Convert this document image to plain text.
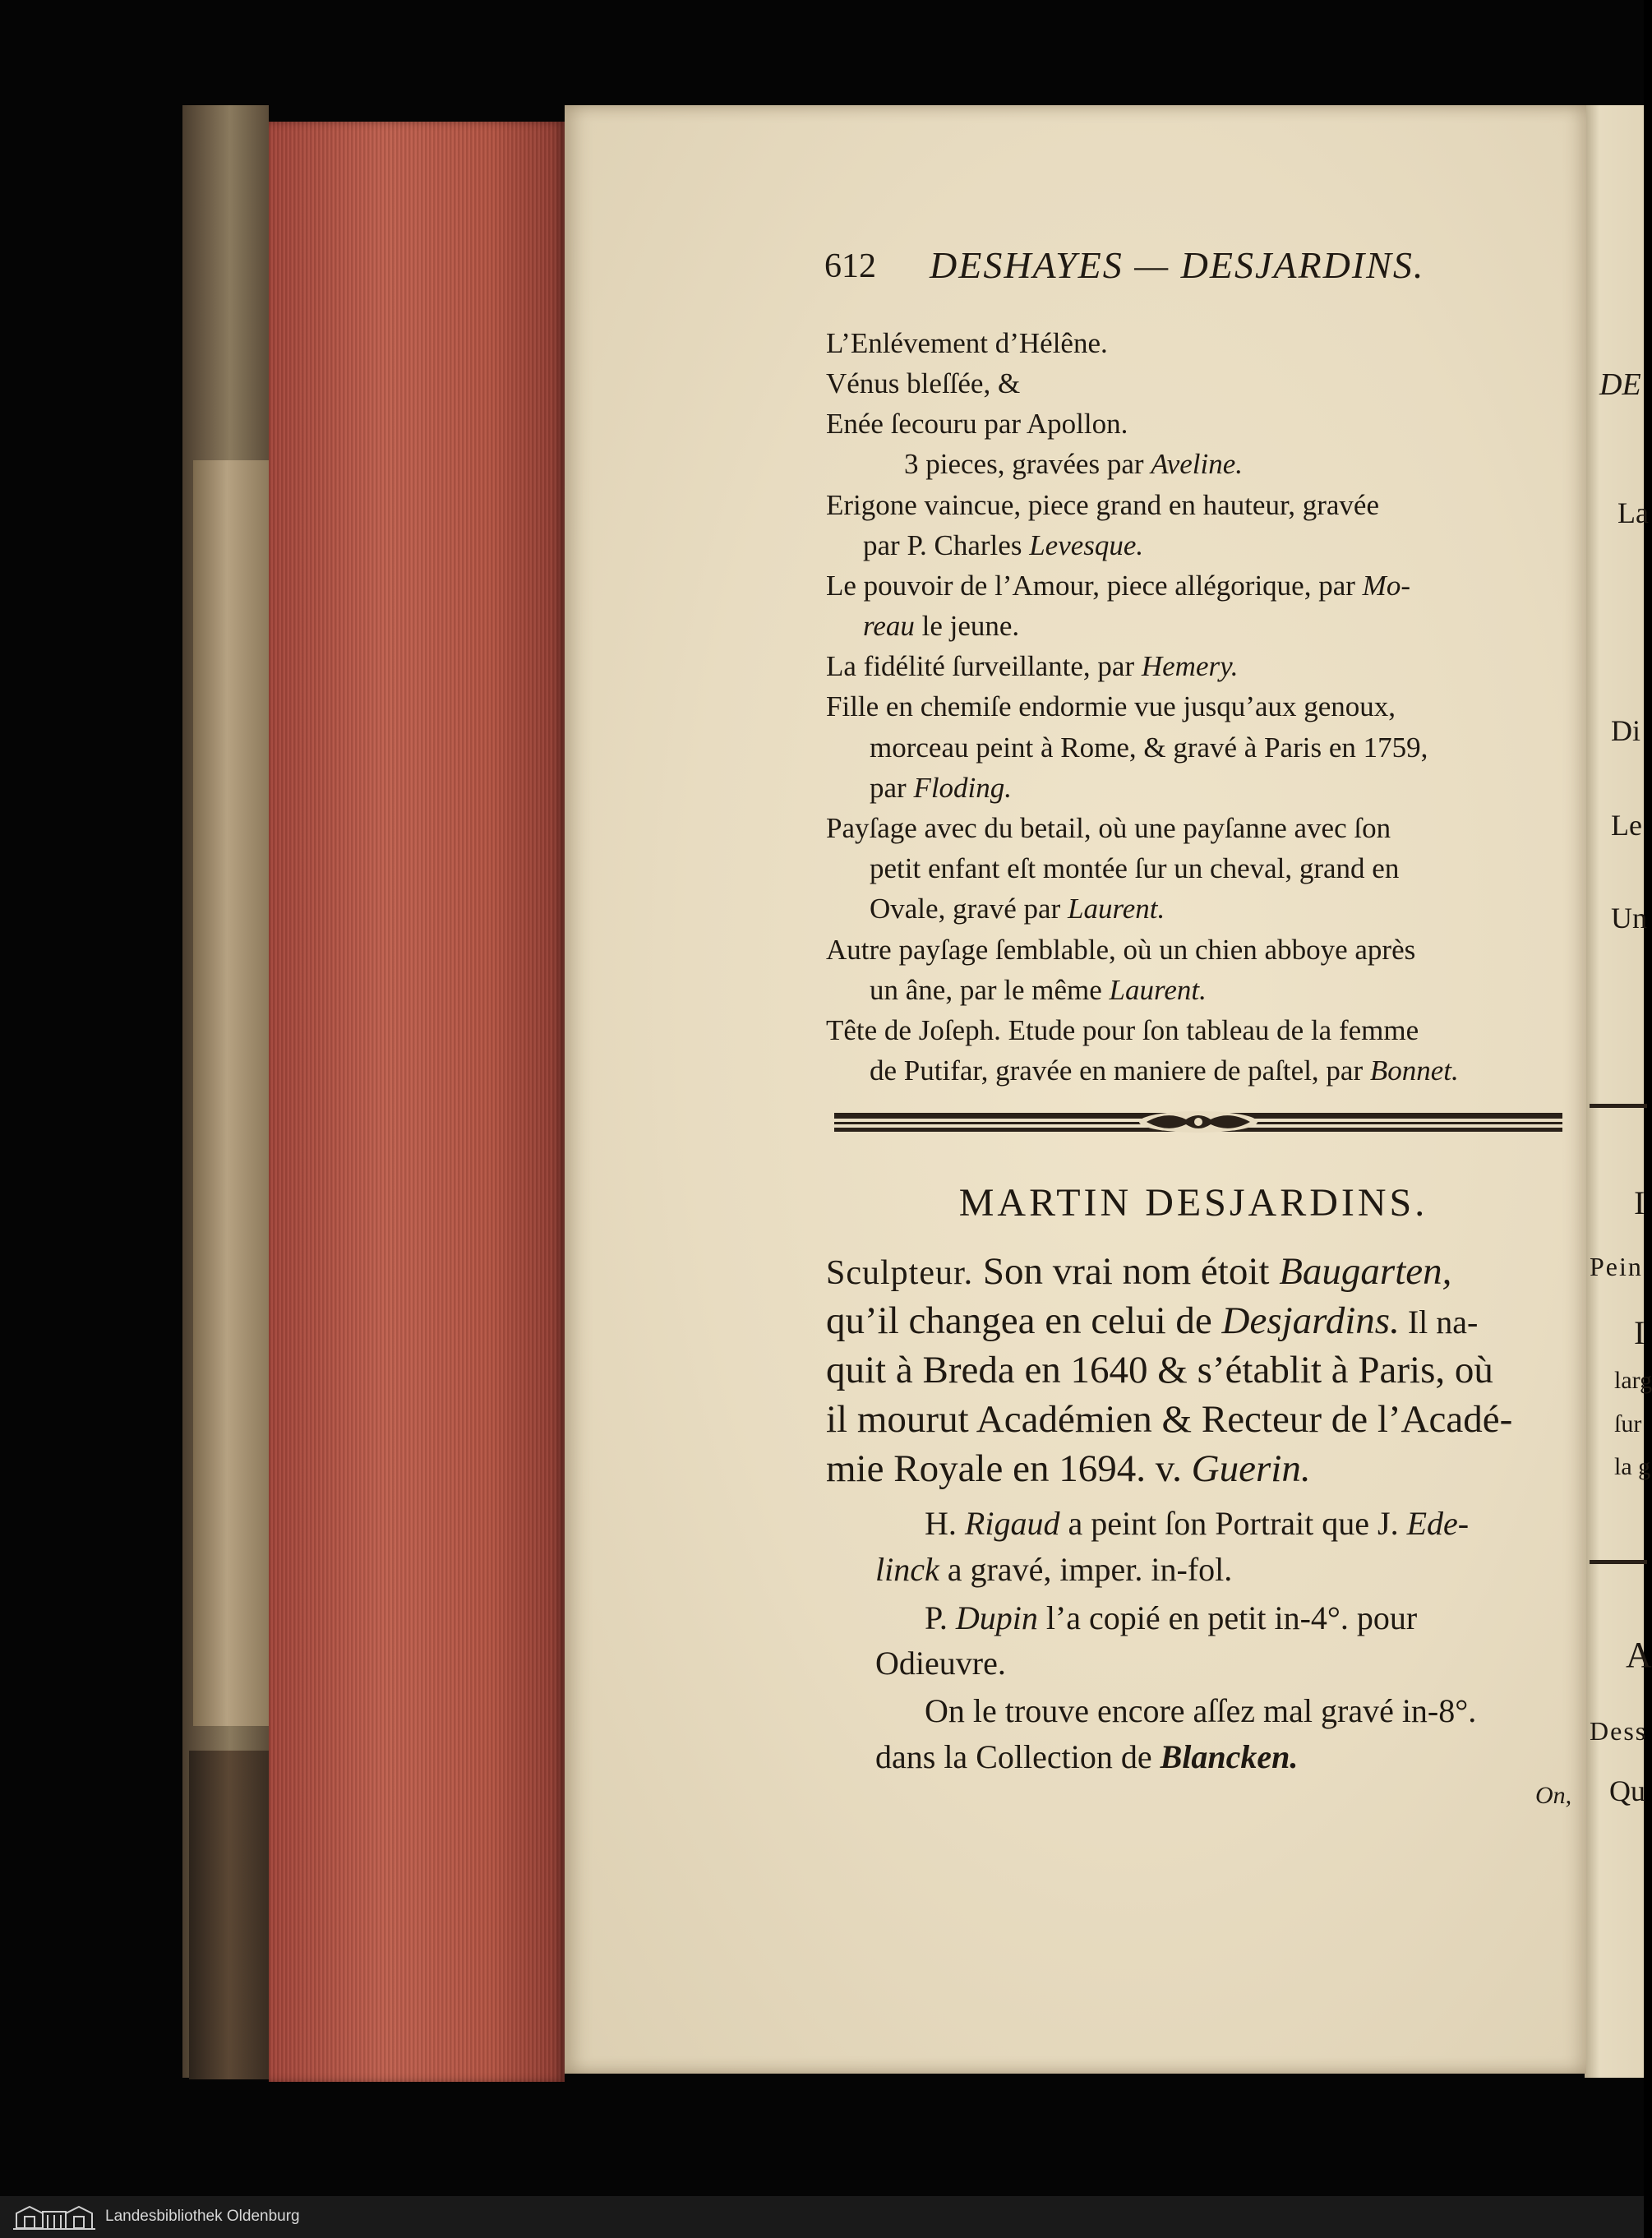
DE
La
Di
Le
Un
I
Pein
I
larg
ſur
la g
A
Dess
Qu
612 DESHAYES — DESJARDINS.
L’Enlévement d’Hélêne.
Vénus bleſſée, &
Enée ſecouru par Apollon.
3 pieces, gravées par Aveline.
Erigone vaincue, piece grand en hauteur, gravée
par P. Charles Levesque.
Le pouvoir de l’Amour, piece allégorique, par Mo-
reau le jeune.
La fidélité ſurveillante, par Hemery.
Fille en chemiſe endormie vue jusqu’aux genoux,
morceau peint à Rome, & gravé à Paris en 1759,
par Floding.
Payſage avec du betail, où une payſanne avec ſon
petit enfant eſt montée ſur un cheval, grand en
Ovale, gravé par Laurent.
Autre payſage ſemblable, où un chien abboye après
un âne, par le même Laurent.
Tête de Joſeph. Etude pour ſon tableau de la femme
de Putifar, gravée en maniere de paſtel, par Bonnet.
MARTIN DESJARDINS.
Sculpteur. Son vrai nom étoit Baugarten,
qu’il changea en celui de Desjardins. Il na-
quit à Breda en 1640 & s’établit à Paris, où
il mourut Académien & Recteur de l’Acadé-
mie Royale en 1694. v. Guerin.
H. Rigaud a peint ſon Portrait que J. Ede-
linck a gravé, imper. in-fol.
P. Dupin l’a copié en petit in-4°. pour
Odieuvre.
On le trouve encore aſſez mal gravé in-8°.
dans la Collection de Blancken.
On,
Landesbibliothek Oldenburg
